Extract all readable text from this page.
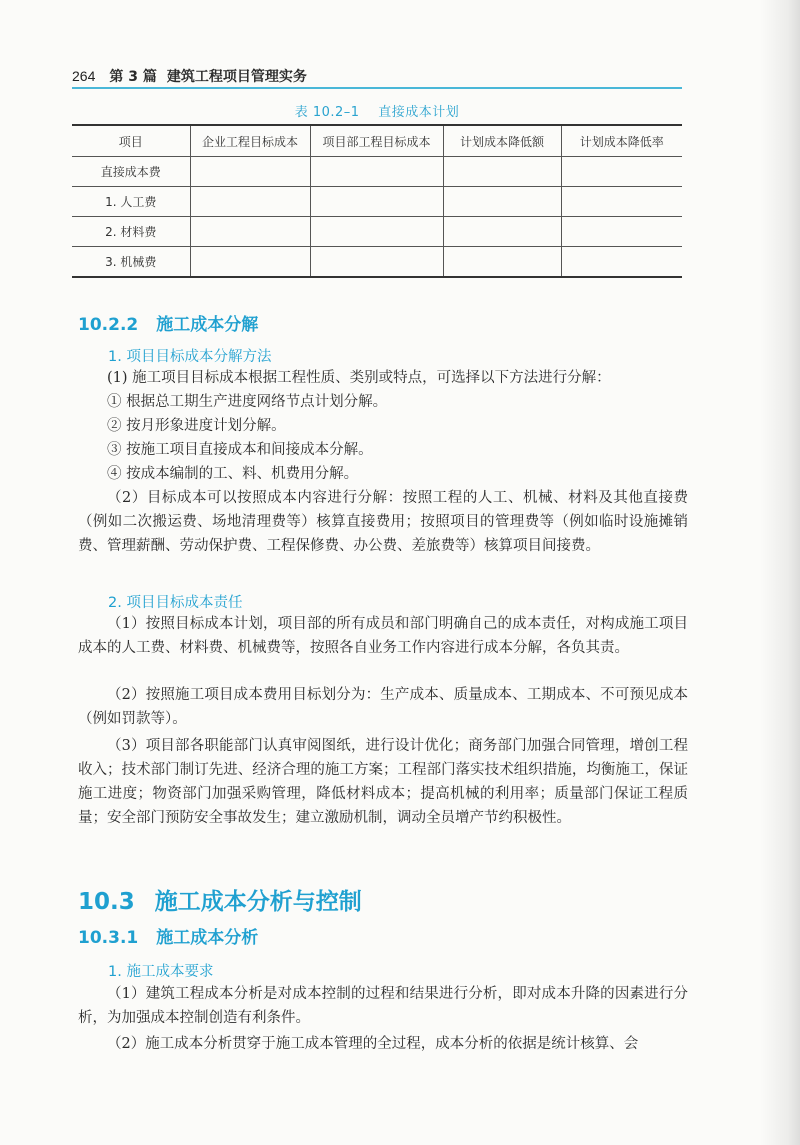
264 第 3 篇 建筑工程项目管理实务
表 10.2–1 直接成本计划
项目	企业工程目标成本	项目部工程目标成本	计划成本降低额	计划成本降低率
直接成本费				
1. 人工费				
2. 材料费				
3. 机械费				
10.2.2 施工成本分解
1. 项目目标成本分解方法
(1) 施工项目目标成本根据工程性质、类别或特点，可选择以下方法进行分解：
① 根据总工期生产进度网络节点计划分解。
② 按月形象进度计划分解。
③ 按施工项目直接成本和间接成本分解。
④ 按成本编制的工、料、机费用分解。
（2）目标成本可以按照成本内容进行分解：按照工程的人工、机械、材料及其他直接费（例如二次搬运费、场地清理费等）核算直接费用；按照项目的管理费等（例如临时设施摊销费、管理薪酬、劳动保护费、工程保修费、办公费、差旅费等）核算项目间接费。
2. 项目目标成本责任
（1）按照目标成本计划，项目部的所有成员和部门明确自己的成本责任，对构成施工项目成本的人工费、材料费、机械费等，按照各自业务工作内容进行成本分解，各负其责。
（2）按照施工项目成本费用目标划分为：生产成本、质量成本、工期成本、不可预见成本（例如罚款等）。
（3）项目部各职能部门认真审阅图纸，进行设计优化；商务部门加强合同管理，增创工程收入；技术部门制订先进、经济合理的施工方案；工程部门落实技术组织措施，均衡施工，保证施工进度；物资部门加强采购管理，降低材料成本；提高机械的利用率；质量部门保证工程质量；安全部门预防安全事故发生；建立激励机制，调动全员增产节约积极性。
10.3 施工成本分析与控制
10.3.1 施工成本分析
1. 施工成本要求
（1）建筑工程成本分析是对成本控制的过程和结果进行分析，即对成本升降的因素进行分析，为加强成本控制创造有利条件。
（2）施工成本分析贯穿于施工成本管理的全过程，成本分析的依据是统计核算、会
